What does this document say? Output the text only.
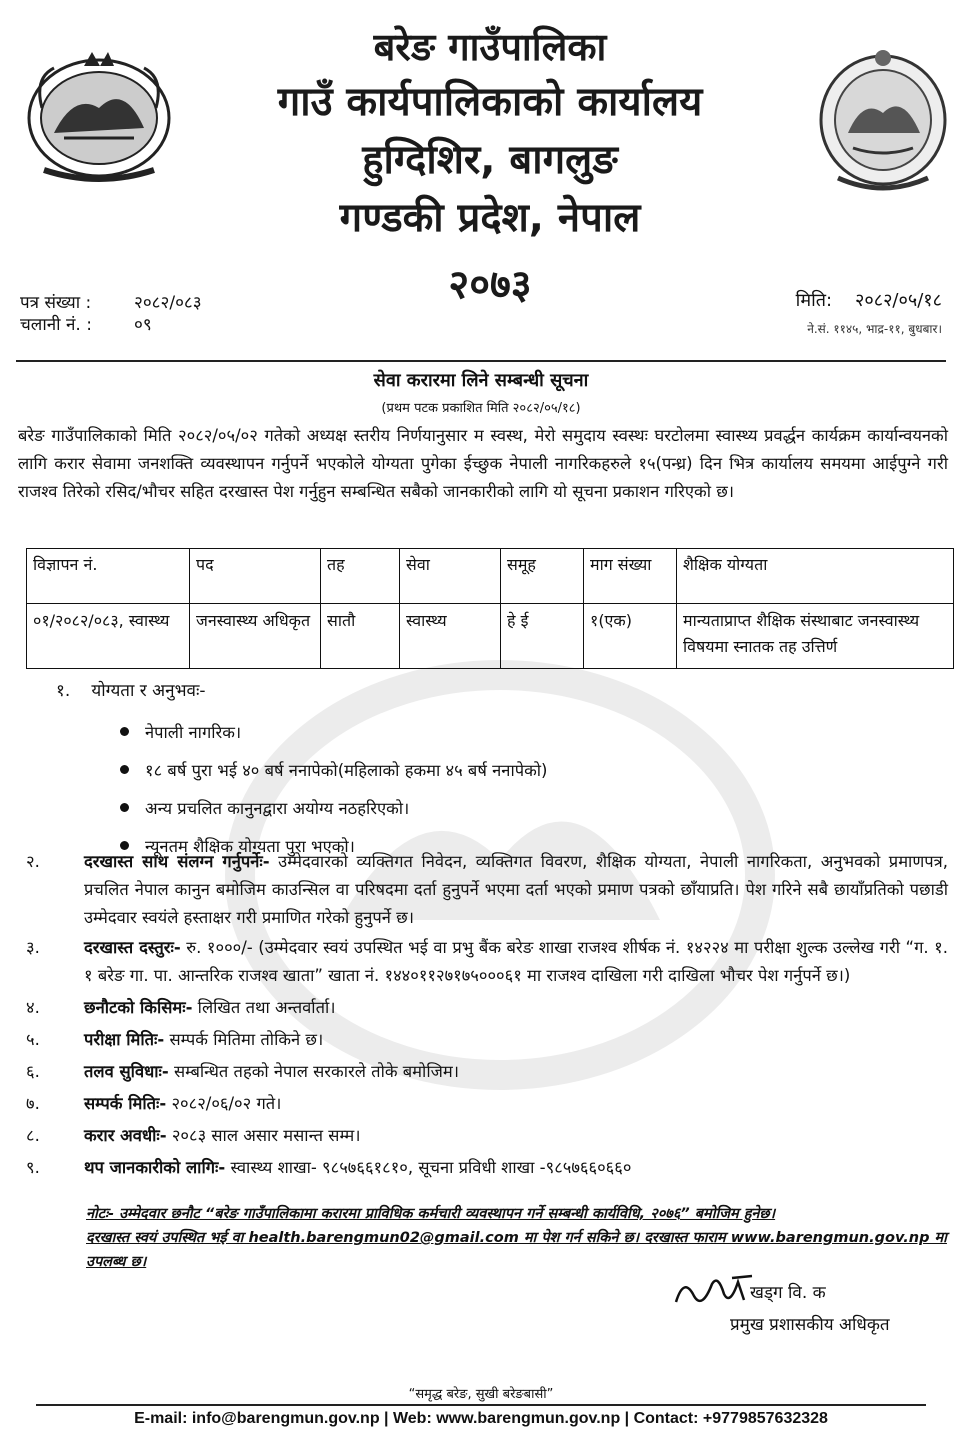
बरेङ गाउँपालिका
गाउँ कार्यपालिकाको कार्यालय
हुग्दिशिर, बागलुङ
गण्डकी प्रदेश, नेपाल
२०७३
पत्र संख्या :	२०८२/०८३
चलानी नं. :	०९
मिति: २०८२/०५/१८
ने.सं. ११४५, भाद्र-११, बुधबार।
सेवा करारमा लिने सम्बन्धी सूचना
(प्रथम पटक प्रकाशित मिति २०८२/०५/१८)
बरेङ गाउँपालिकाको मिति २०८२/०५/०२ गतेको अध्यक्ष स्तरीय निर्णयानुसार म स्वस्थ, मेरो समुदाय स्वस्थः घरटोलमा स्वास्थ्य प्रवर्द्धन कार्यक्रम कार्यान्वयनको लागि करार सेवामा जनशक्ति व्यवस्थापन गर्नुपर्ने भएकोले योग्यता पुगेका ईच्छुक नेपाली नागरिकहरुले १५(पन्ध्र) दिन भित्र कार्यालय समयमा आईपुग्ने गरी राजश्व तिरेको रसिद/भौचर सहित दरखास्त पेश गर्नुहुन सम्बन्धित सबैको जानकारीको लागि यो सूचना प्रकाशन गरिएको छ।
विज्ञापन नं.	पद	तह	सेवा	समूह	माग संख्या	शैक्षिक योग्यता
०१/२०८२/०८३, स्वास्थ्य	जनस्वास्थ्य अधिकृत	सातौ	स्वास्थ्य	हे ई	१(एक)	मान्यताप्राप्त शैक्षिक संस्थाबाट जनस्वास्थ्य विषयमा स्नातक तह उत्तिर्ण
१. योग्यता र अनुभवः-
नेपाली नागरिक।
१८ बर्ष पुरा भई ४० बर्ष ननापेको(महिलाको हकमा ४५ बर्ष ननापेको)
अन्य प्रचलित कानुनद्वारा अयोग्य नठहरिएको।
न्यूनतम शैक्षिक योग्यता पुरा भएको।
२.	दरखास्त साथ संलग्न गर्नुपर्नेः- उम्मेदवारको व्यक्तिगत निवेदन, व्यक्तिगत विवरण, शैक्षिक योग्यता, नेपाली नागरिकता, अनुभवको प्रमाणपत्र, प्रचलित नेपाल कानुन बमोजिम काउन्सिल वा परिषदमा दर्ता हुनुपर्ने भएमा दर्ता भएको प्रमाण पत्रको छाँयाप्रति। पेश गरिने सबै छायाँप्रतिको पछाडी उम्मेदवार स्वयंले हस्ताक्षर गरी प्रमाणित गरेको हुनुपर्ने छ।
३.	दरखास्त दस्तुरः- रु. १०००/- (उम्मेदवार स्वयं उपस्थित भई वा प्रभु बैंक बरेङ शाखा राजश्व शीर्षक नं. १४२२४ मा परीक्षा शुल्क उल्लेख गरी “ग. १. १ बरेङ गा. पा. आन्तरिक राजश्व खाता” खाता नं. १४४०११२७१७५०००६१ मा राजश्व दाखिला गरी दाखिला भौचर पेश गर्नुपर्ने छ।)
४.	छनौटको किसिमः- लिखित तथा अन्तर्वार्ता।
५.	परीक्षा मितिः- सम्पर्क मितिमा तोकिने छ।
६.	तलव सुविधाः- सम्बन्धित तहको नेपाल सरकारले तोके बमोजिम।
७.	सम्पर्क मितिः- २०८२/०६/०२ गते।
८.	करार अवधीः- २०८३ साल असार मसान्त सम्म।
९.	थप जानकारीको लागिः- स्वास्थ्य शाखा- ९८५७६६१८१०, सूचना प्रविधी शाखा -९८५७६६०६६०
नोटः- उम्मेदवार छनौट “बरेङ गाउँपालिकामा करारमा प्राविधिक कर्मचारी व्यवस्थापन गर्ने सम्बन्धी कार्यविधि, २०७६” बमोजिम हुनेछ।
दरखास्त स्वयं उपस्थित भई वा health.barengmun02@gmail.com मा पेश गर्न सकिने छ। दरखास्त फाराम www.barengmun.gov.np मा उपलब्ध छ।
खड्ग वि. क
प्रमुख प्रशासकीय अधिकृत
“समृद्ध बरेङ, सुखी बरेङबासी”
E-mail: info@barengmun.gov.np | Web: www.barengmun.gov.np | Contact: +9779857632328
